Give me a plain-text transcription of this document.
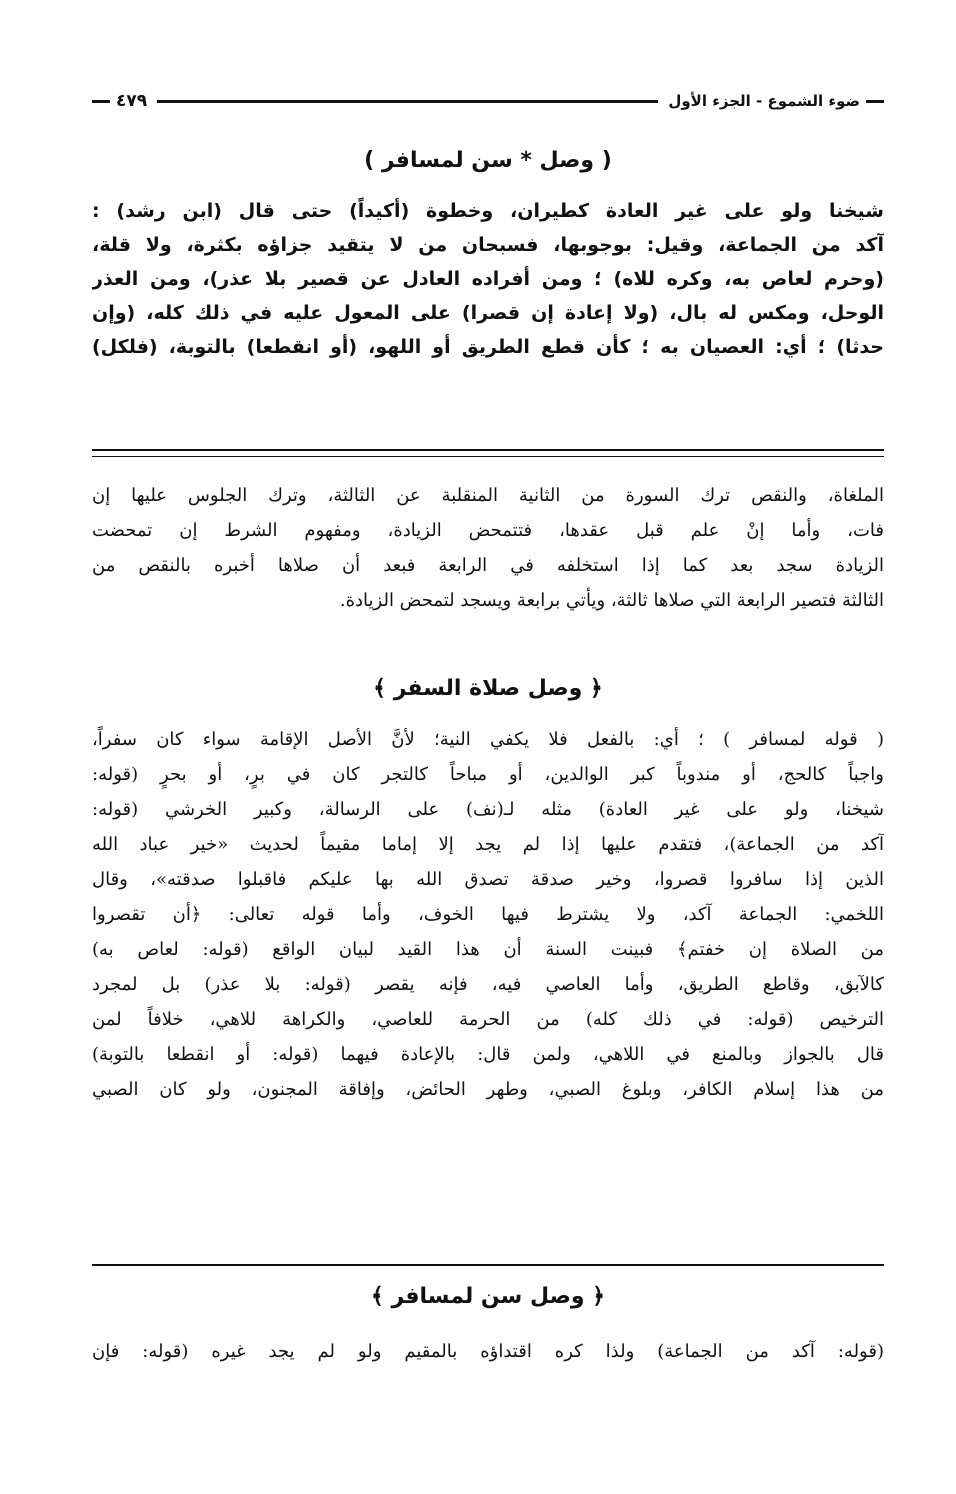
ضوء الشموع - الجزء الأول
٤٧٩
( وصل * سن لمسافر )
شيخنا ولو على غير العادة كطيران، وخطوة (أكيداً) حتى قال (ابن رشد) :
آكد من الجماعة، وقيل: بوجوبها، فسبحان من لا يتقيد جزاؤه بكثرة، ولا قلة،
(وحرم لعاص به، وكره للاه) ؛ ومن أفراده العادل عن قصير بلا عذر)، ومن العذر
الوحل، ومكس له بال، (ولا إعادة إن قصرا) على المعول عليه في ذلك كله، (وإن
حدثا) ؛ أي: العصيان به ؛ كأن قطع الطريق أو اللهو، (أو انقطعا) بالتوبة، (فلكل)
الملغاة، والنقص ترك السورة من الثانية المنقلبة عن الثالثة، وترك الجلوس عليها إن
فات، وأما إنْ علم قبل عقدها، فتتمحض الزيادة، ومفهوم الشرط إن تمحضت
الزيادة سجد بعد كما إذا استخلفه في الرابعة فبعد أن صلاها أخبره بالنقص من
الثالثة فتصير الرابعة التي صلاها ثالثة، ويأتي برابعة ويسجد لتمحض الزيادة.
﴿ وصل صلاة السفر ﴾
( قوله لمسافر ) ؛ أي: بالفعل فلا يكفي النية؛ لأنَّ الأصل الإقامة سواء كان سفراً،
واجباً كالحج، أو مندوباً كبر الوالدين، أو مباحاً كالتجر كان في برٍ، أو بحرٍ (قوله:
شيخنا، ولو على غير العادة) مثله لـ(نف) على الرسالة، وكبير الخرشي (قوله:
آكد من الجماعة)، فتقدم عليها إذا لم يجد إلا إماما مقيماً لحديث «خير عباد الله
الذين إذا سافروا قصروا، وخير صدقة تصدق الله بها عليكم فاقبلوا صدقته»، وقال
اللخمي: الجماعة آكد، ولا يشترط فيها الخوف، وأما قوله تعالى: ﴿أن تقصروا
من الصلاة إن خفتم﴾ فبينت السنة أن هذا القيد لبيان الواقع (قوله: لعاص به)
كالآبق، وقاطع الطريق، وأما العاصي فيه، فإنه يقصر (قوله: بلا عذر) بل لمجرد
الترخيص (قوله: في ذلك كله) من الحرمة للعاصي، والكراهة للاهي، خلافاً لمن
قال بالجواز وبالمنع في اللاهي، ولمن قال: بالإعادة فيهما (قوله: أو انقطعا بالتوبة)
من هذا إسلام الكافر، وبلوغ الصبي، وطهر الحائض، وإفاقة المجنون، ولو كان الصبي
﴿ وصل سن لمسافر ﴾
(قوله: آكد من الجماعة) ولذا كره اقتداؤه بالمقيم ولو لم يجد غيره (قوله: فإن
